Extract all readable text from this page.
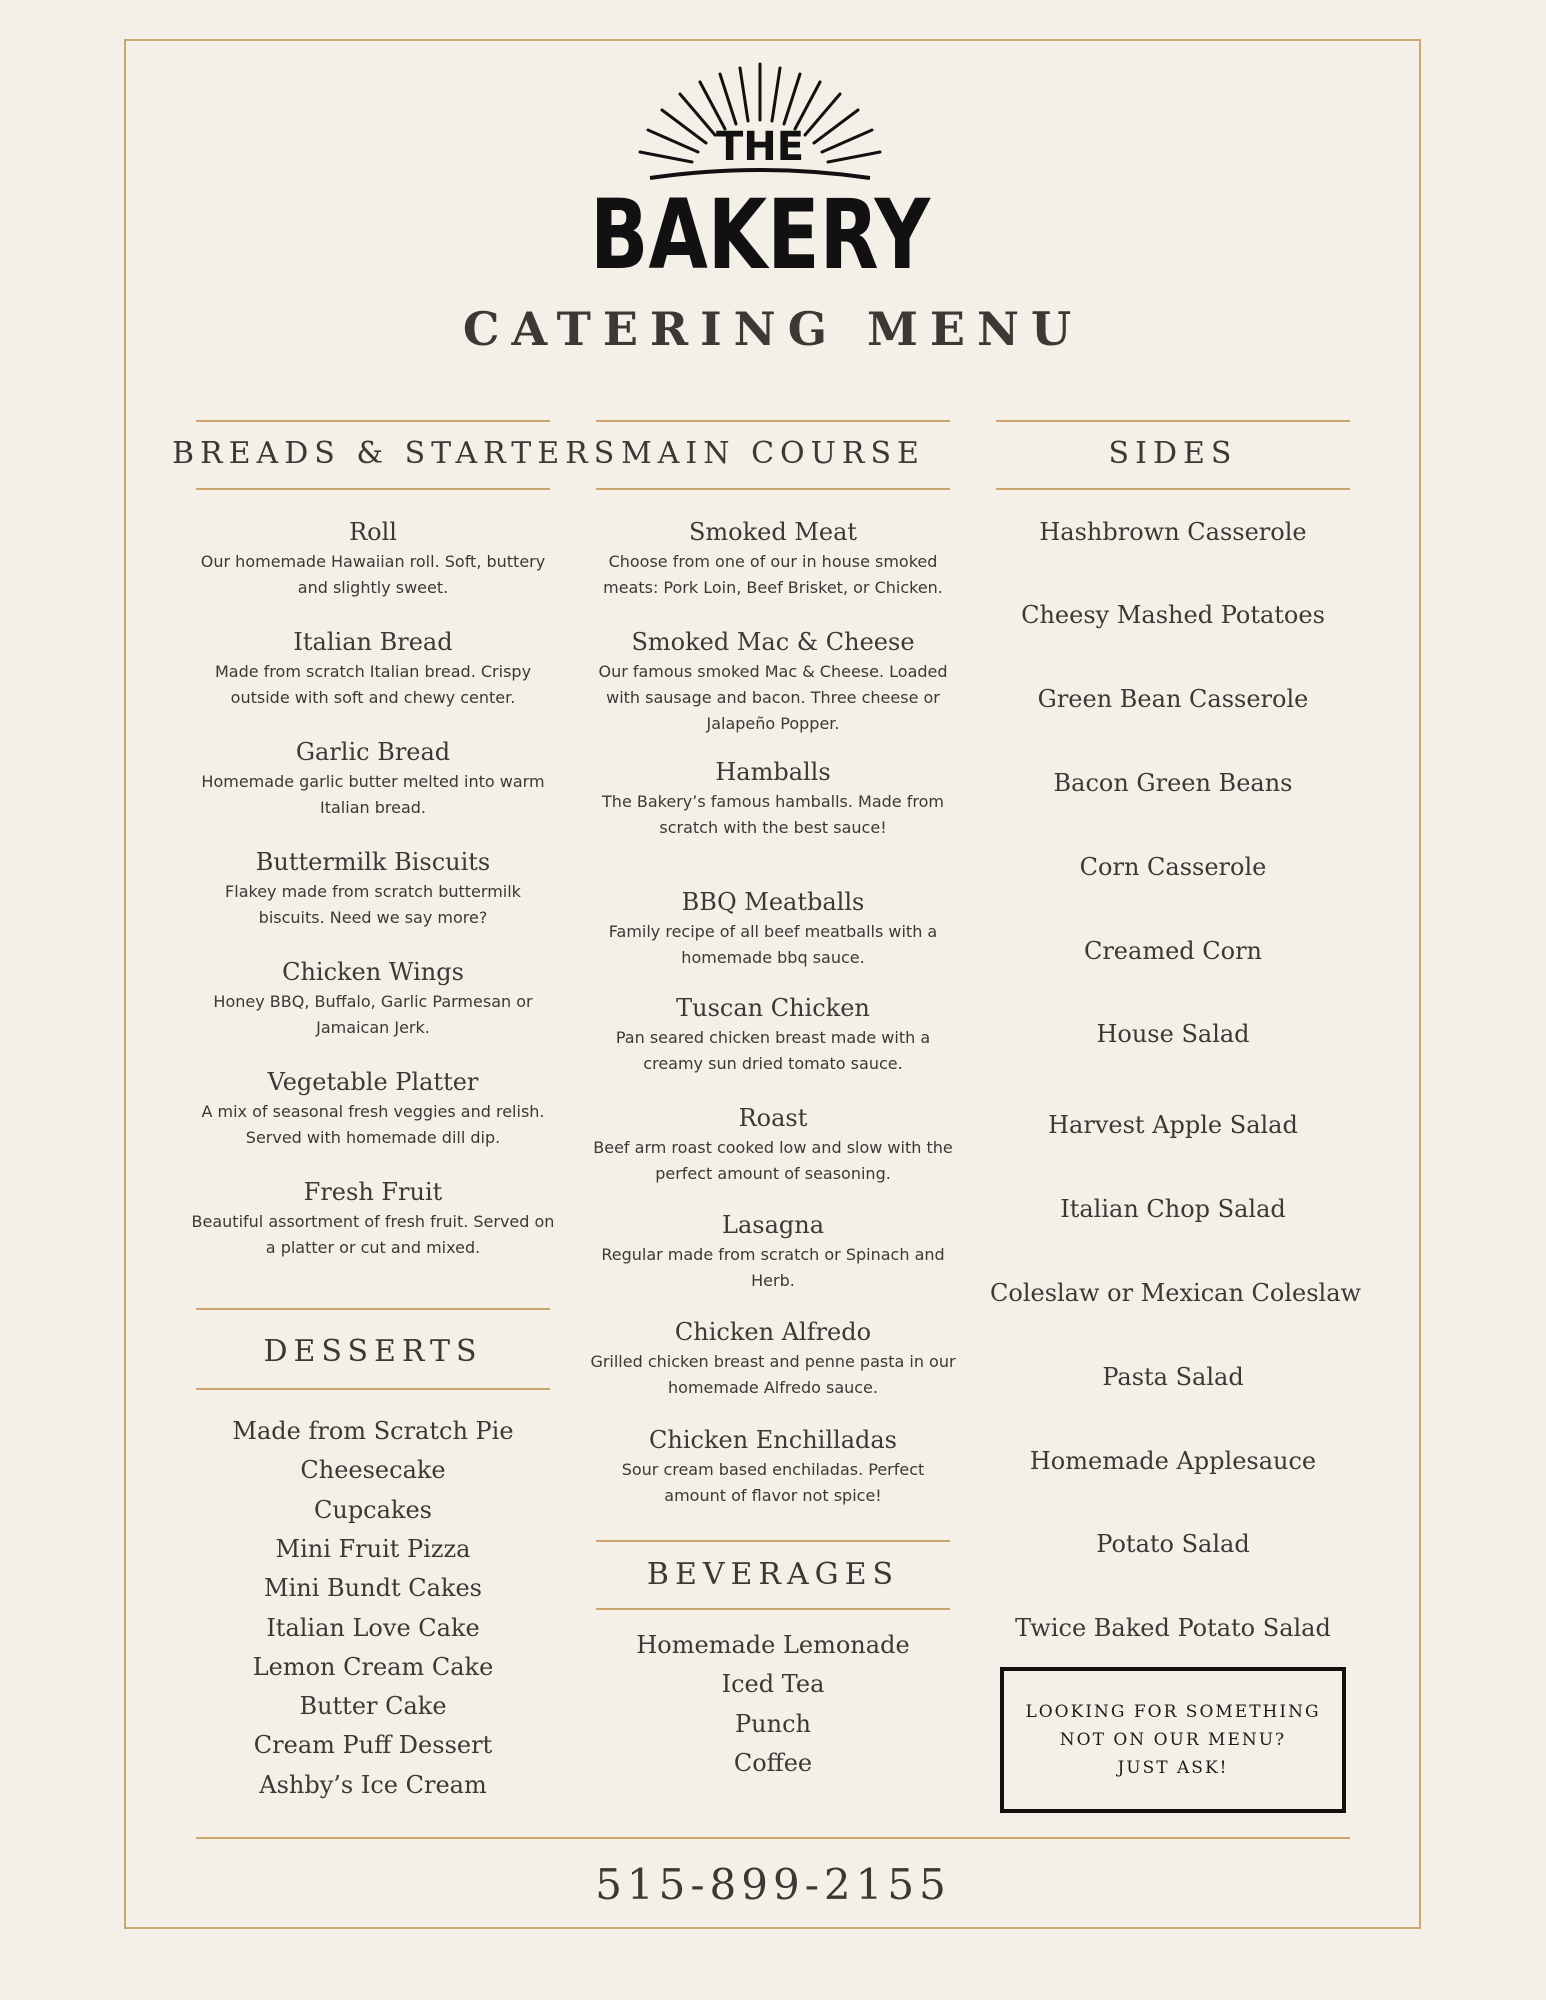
THE
BAKERY
CATERING MENU
BREADS & STARTERS
Roll
Our homemade Hawaiian roll. Soft, buttery and slightly sweet.
Italian Bread
Made from scratch Italian bread. Crispy outside with soft and chewy center.
Garlic Bread
Homemade garlic butter melted into warm Italian bread.
Buttermilk Biscuits
Flakey made from scratch buttermilk biscuits. Need we say more?
Chicken Wings
Honey BBQ, Buffalo, Garlic Parmesan or Jamaican Jerk.
Vegetable Platter
A mix of seasonal fresh veggies and relish. Served with homemade dill dip.
Fresh Fruit
Beautiful assortment of fresh fruit. Served on a platter or cut and mixed.
DESSERTS
Made from Scratch Pie
Cheesecake
Cupcakes
Mini Fruit Pizza
Mini Bundt Cakes
Italian Love Cake
Lemon Cream Cake
Butter Cake
Cream Puff Dessert
Ashby’s Ice Cream
MAIN COURSE
Smoked Meat
Choose from one of our in house smoked meats: Pork Loin, Beef Brisket, or Chicken.
Smoked Mac & Cheese
Our famous smoked Mac & Cheese. Loaded with sausage and bacon. Three cheese or Jalapeño Popper.
Hamballs
The Bakery’s famous hamballs. Made from scratch with the best sauce!
BBQ Meatballs
Family recipe of all beef meatballs with a homemade bbq sauce.
Tuscan Chicken
Pan seared chicken breast made with a creamy sun dried tomato sauce.
Roast
Beef arm roast cooked low and slow with the perfect amount of seasoning.
Lasagna
Regular made from scratch or Spinach and Herb.
Chicken Alfredo
Grilled chicken breast and penne pasta in our homemade Alfredo sauce.
Chicken Enchilladas
Sour cream based enchiladas. Perfect amount of flavor not spice!
BEVERAGES
Homemade Lemonade
Iced Tea
Punch
Coffee
SIDES
Hashbrown Casserole
Cheesy Mashed Potatoes
Green Bean Casserole
Bacon Green Beans
Corn Casserole
Creamed Corn
House Salad
Harvest Apple Salad
Italian Chop Salad
Coleslaw or Mexican Coleslaw
Pasta Salad
Homemade Applesauce
Potato Salad
Twice Baked Potato Salad
LOOKING FOR SOMETHING
NOT ON OUR MENU?
JUST ASK!
515-899-2155
